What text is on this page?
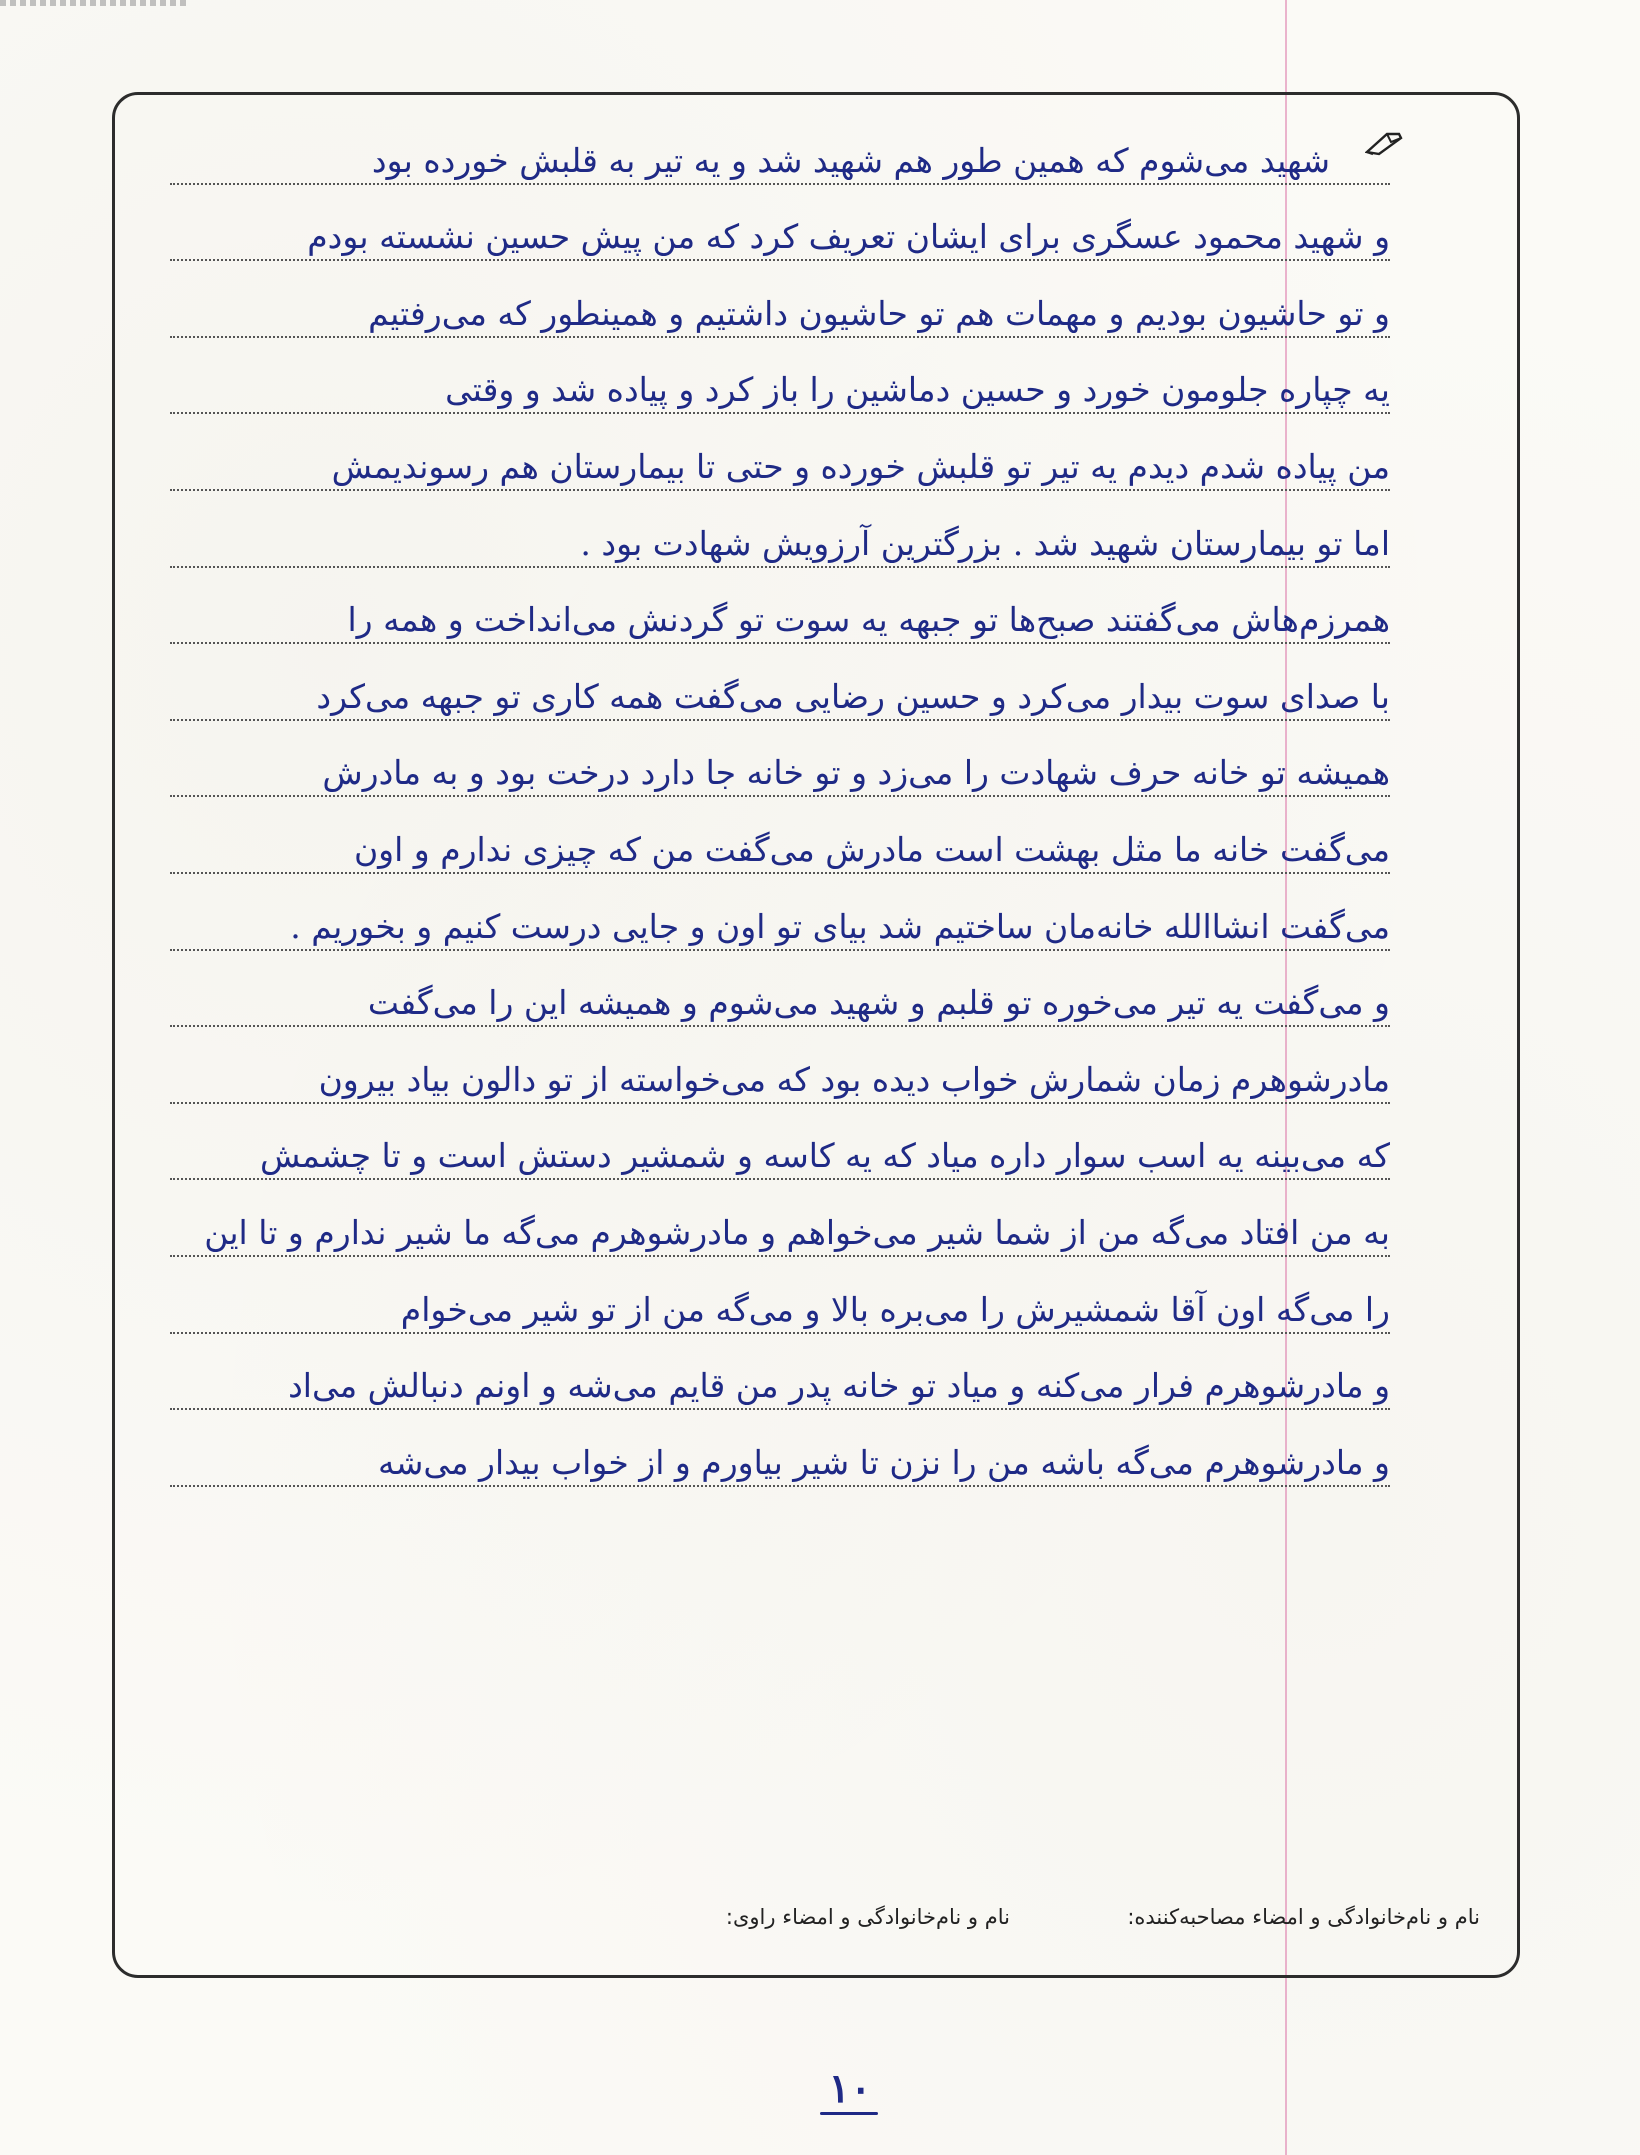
شهید می‌شوم که همین طور هم شهید شد و یه تیر به قلبش خورده بود
و شهید محمود عسگری برای ایشان تعریف کرد که من پیش حسین نشسته بودم
و تو حاشیون بودیم و مهمات هم تو حاشیون داشتیم و همینطور که می‌رفتیم
یه چپاره جلومون خورد و حسین دماشین را باز کرد و پیاده شد و وقتی
من پیاده شدم دیدم یه تیر تو قلبش خورده و حتی تا بیمارستان هم رسوندیمش
اما تو بیمارستان شهید شد . بزرگترین آرزویش شهادت بود .
همرزم‌هاش می‌گفتند صبح‌ها تو جبهه یه سوت تو گردنش می‌انداخت و همه را
با صدای سوت بیدار می‌کرد و حسین رضایی می‌گفت همه کاری تو جبهه می‌کرد
همیشه تو خانه حرف شهادت را می‌زد و تو خانه جا دارد درخت بود و به مادرش
می‌گفت خانه ما مثل بهشت است مادرش می‌گفت من که چیزی ندارم و اون
می‌گفت انشاالله خانه‌مان ساختیم شد بیای تو اون و جایی درست کنیم و بخوریم .
و می‌گفت یه تیر می‌خوره تو قلبم و شهید می‌شوم و همیشه این را می‌گفت
مادرشوهرم زمان شمارش خواب دیده بود که می‌خواسته از تو دالون بیاد بیرون
که می‌بینه یه اسب سوار داره میاد که یه کاسه و شمشیر دستش است و تا چشمش
به من افتاد می‌گه من از شما شیر می‌خواهم و مادرشوهرم می‌گه ما شیر ندارم و تا این
را می‌گه اون آقا شمشیرش را می‌بره بالا و می‌گه من از تو شیر می‌خوام
و مادرشوهرم فرار می‌کنه و میاد تو خانه پدر من قایم می‌شه و اونم دنبالش می‌اد
و مادرشوهرم می‌گه باشه من را نزن تا شیر بیاورم و از خواب بیدار می‌شه
نام و نام‌خانوادگی و امضاء مصاحبه‌کننده:
نام و نام‌خانوادگی و امضاء راوی:
۱۰
